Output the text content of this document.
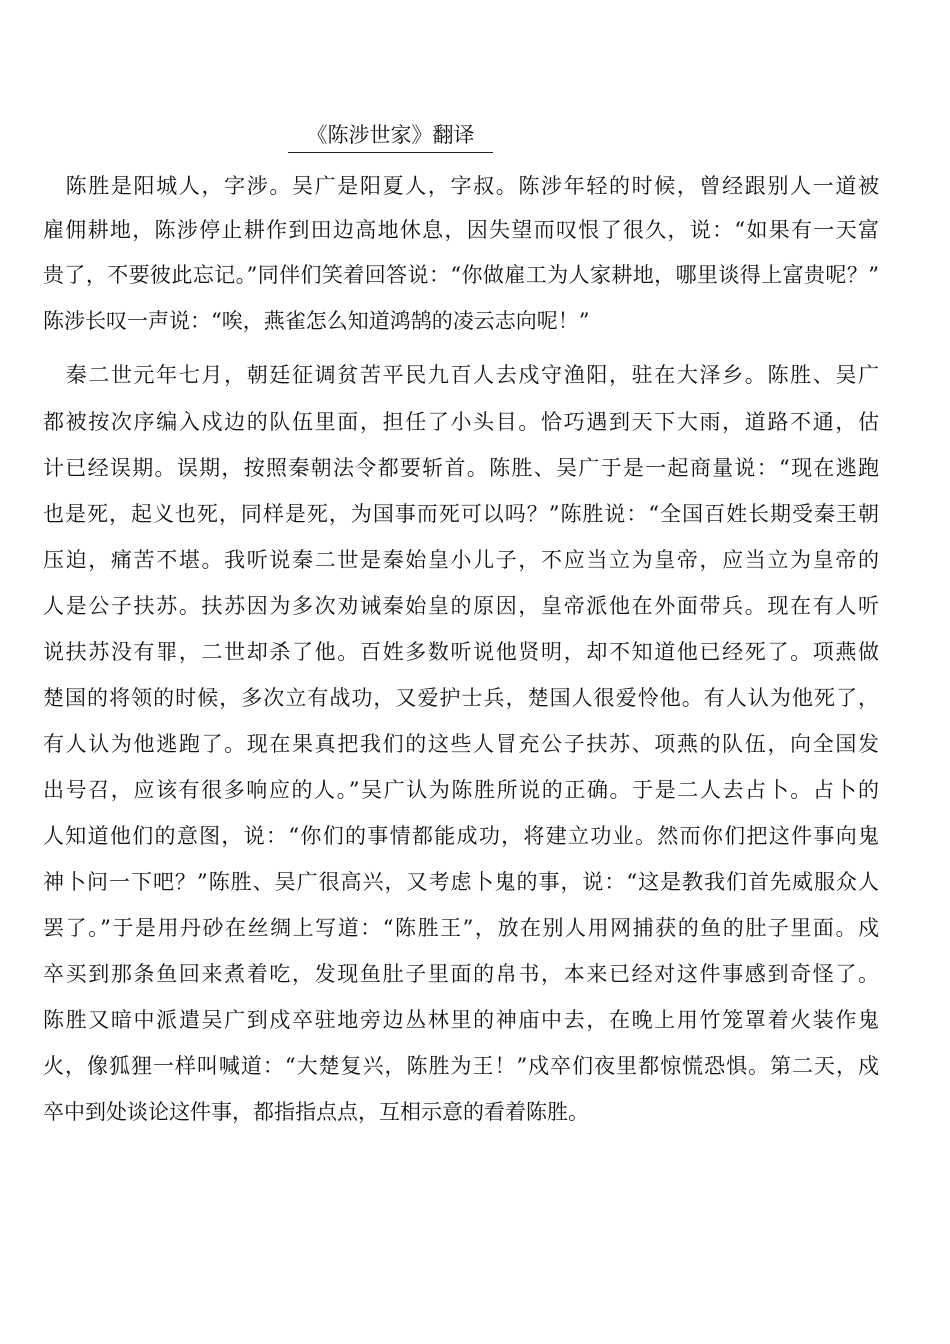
《陈涉世家》翻译
　陈胜是阳城人，字涉。吴广是阳夏人，字叔。陈涉年轻的时候，曾经跟别人一道被
雇佣耕地，陈涉停止耕作到田边高地休息，因失望而叹恨了很久，说：“如果有一天富
贵了，不要彼此忘记。”同伴们笑着回答说：“你做雇工为人家耕地，哪里谈得上富贵呢？”
陈涉长叹一声说：“唉，燕雀怎么知道鸿鹄的凌云志向呢！”
　秦二世元年七月，朝廷征调贫苦平民九百人去戍守渔阳，驻在大泽乡。陈胜、吴广
都被按次序编入戍边的队伍里面，担任了小头目。恰巧遇到天下大雨，道路不通，估
计已经误期。误期，按照秦朝法令都要斩首。陈胜、吴广于是一起商量说：“现在逃跑
也是死，起义也死，同样是死，为国事而死可以吗？”陈胜说：“全国百姓长期受秦王朝
压迫，痛苦不堪。我听说秦二世是秦始皇小儿子，不应当立为皇帝，应当立为皇帝的
人是公子扶苏。扶苏因为多次劝诫秦始皇的原因，皇帝派他在外面带兵。现在有人听
说扶苏没有罪，二世却杀了他。百姓多数听说他贤明，却不知道他已经死了。项燕做
楚国的将领的时候，多次立有战功，又爱护士兵，楚国人很爱怜他。有人认为他死了，
有人认为他逃跑了。现在果真把我们的这些人冒充公子扶苏、项燕的队伍，向全国发
出号召，应该有很多响应的人。”吴广认为陈胜所说的正确。于是二人去占卜。占卜的
人知道他们的意图，说：“你们的事情都能成功，将建立功业。然而你们把这件事向鬼
神卜问一下吧？”陈胜、吴广很高兴，又考虑卜鬼的事，说：“这是教我们首先威服众人
罢了。”于是用丹砂在丝绸上写道：“陈胜王”，放在别人用网捕获的鱼的肚子里面。戍
卒买到那条鱼回来煮着吃，发现鱼肚子里面的帛书，本来已经对这件事感到奇怪了。
陈胜又暗中派遣吴广到戍卒驻地旁边丛林里的神庙中去，在晚上用竹笼罩着火装作鬼
火，像狐狸一样叫喊道：“大楚复兴，陈胜为王！”戍卒们夜里都惊慌恐惧。第二天，戍
卒中到处谈论这件事，都指指点点，互相示意的看着陈胜。
